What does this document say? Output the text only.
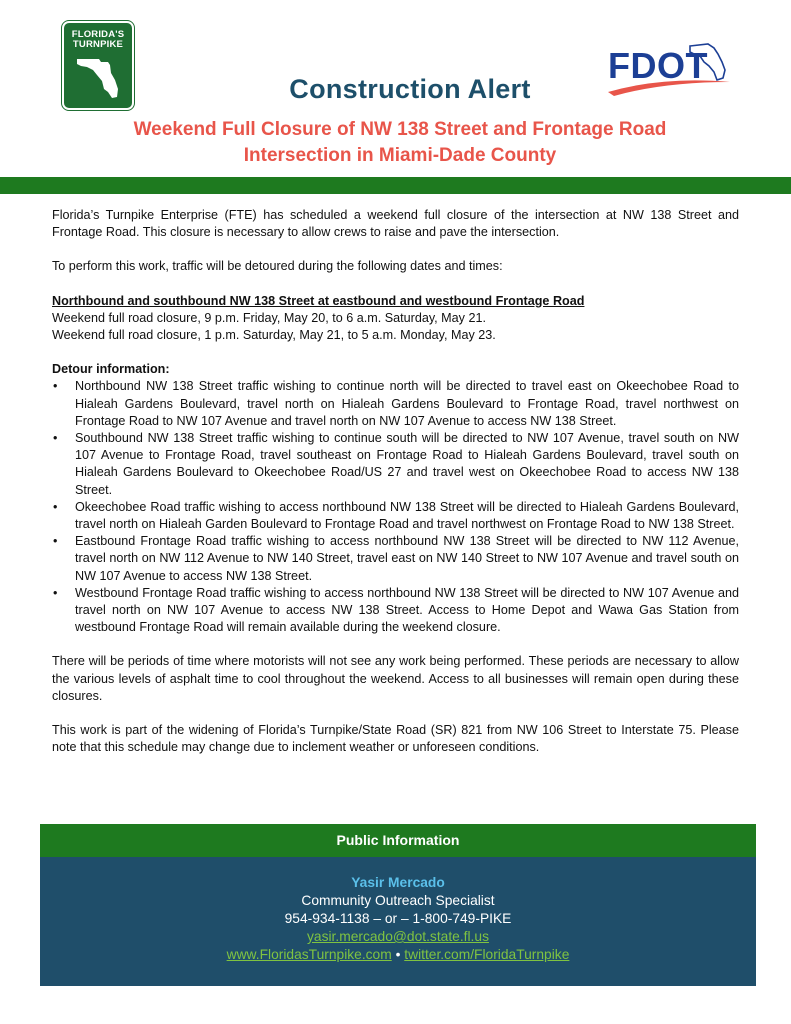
FLORIDA'S TURNPIKE
FDOT
Construction Alert
Weekend Full Closure of NW 138 Street and Frontage Road
Intersection in Miami-Dade County

Florida’s Turnpike Enterprise (FTE) has scheduled a weekend full closure of the intersection at NW 138 Street and Frontage Road. This closure is necessary to allow crews to raise and pave the intersection.

To perform this work, traffic will be detoured during the following dates and times:

Northbound and southbound NW 138 Street at eastbound and westbound Frontage Road

Weekend full road closure, 9 p.m. Friday, May 20, to 6 a.m. Saturday, May 21.

Weekend full road closure, 1 p.m. Saturday, May 21, to 5 a.m. Monday, May 23.

Detour information:

• Northbound NW 138 Street traffic wishing to continue north will be directed to travel east on Okeechobee Road to Hialeah Gardens Boulevard, travel north on Hialeah Gardens Boulevard to Frontage Road, travel northwest on Frontage Road to NW 107 Avenue and travel north on NW 107 Avenue to access NW 138 Street.
• Southbound NW 138 Street traffic wishing to continue south will be directed to NW 107 Avenue, travel south on NW 107 Avenue to Frontage Road, travel southeast on Frontage Road to Hialeah Gardens Boulevard, travel south on Hialeah Gardens Boulevard to Okeechobee Road/US 27 and travel west on Okeechobee Road to access NW 138 Street.
• Okeechobee Road traffic wishing to access northbound NW 138 Street will be directed to Hialeah Gardens Boulevard, travel north on Hialeah Garden Boulevard to Frontage Road and travel northwest on Frontage Road to NW 138 Street.
• Eastbound Frontage Road traffic wishing to access northbound NW 138 Street will be directed to NW 112 Avenue, travel north on NW 112 Avenue to NW 140 Street, travel east on NW 140 Street to NW 107 Avenue and travel south on NW 107 Avenue to access NW 138 Street.
• Westbound Frontage Road traffic wishing to access northbound NW 138 Street will be directed to NW 107 Avenue and travel north on NW 107 Avenue to access NW 138 Street. Access to Home Depot and Wawa Gas Station from westbound Frontage Road will remain available during the weekend closure.

There will be periods of time where motorists will not see any work being performed. These periods are necessary to allow the various levels of asphalt time to cool throughout the weekend. Access to all businesses will remain open during these closures.

This work is part of the widening of Florida’s Turnpike/State Road (SR) 821 from NW 106 Street to Interstate 75. Please note that this schedule may change due to inclement weather or unforeseen conditions.

Public Information
Yasir Mercado
Community Outreach Specialist
954-934-1138 – or – 1-800-749-PIKE
yasir.mercado@dot.state.fl.us
www.FloridasTurnpike.com • twitter.com/FloridaTurnpike
